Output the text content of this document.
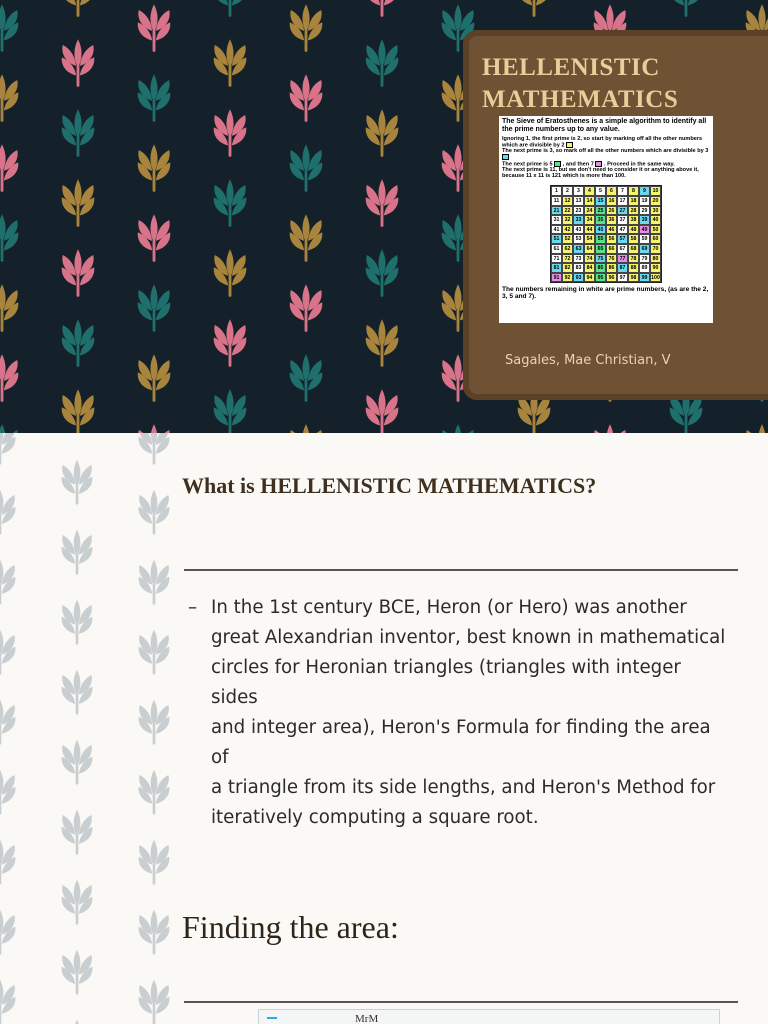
HELLENISTIC MATHEMATICS
The Sieve of Eratosthenes is a simple algorithm to identify all the prime numbers up to any value.
Ignoring 1, the first prime is 2, so start by marking off all the other numbers which are divisible by 2
The next prime is 3, so mark off all the other numbers which are divisible by 3
The next prime is 5 , and then 7 . Proceed in the same way.
The next prime is 11, but we don't need to consider it or anything above it, because 11 x 11 is 121 which is more than 100.
1	2	3	4	5	6	7	8	9	10
11	12	13	14	15	16	17	18	19	20
21	22	23	24	25	26	27	28	29	30
31	32	33	34	35	36	37	38	39	40
41	42	43	44	45	46	47	48	49	50
51	52	53	54	55	56	57	58	59	60
61	62	63	64	65	66	67	68	69	70
71	72	73	74	75	76	77	78	79	80
81	82	83	84	85	86	87	88	89	90
91	92	93	94	95	96	97	98	99 100
The numbers remaining in white are prime numbers, (as are the 2, 3, 5 and 7).
Sagales, Mae Christian, V
What is HELLENISTIC MATHEMATICS?
– In the 1st century BCE, Heron (or Hero) was another
great Alexandrian inventor, best known in mathematical
circles for Heronian triangles (triangles with integer sides
and integer area), Heron's Formula for finding the area of
a triangle from its side lengths, and Heron's Method for
iteratively computing a square root.
Finding the area:
MrM
